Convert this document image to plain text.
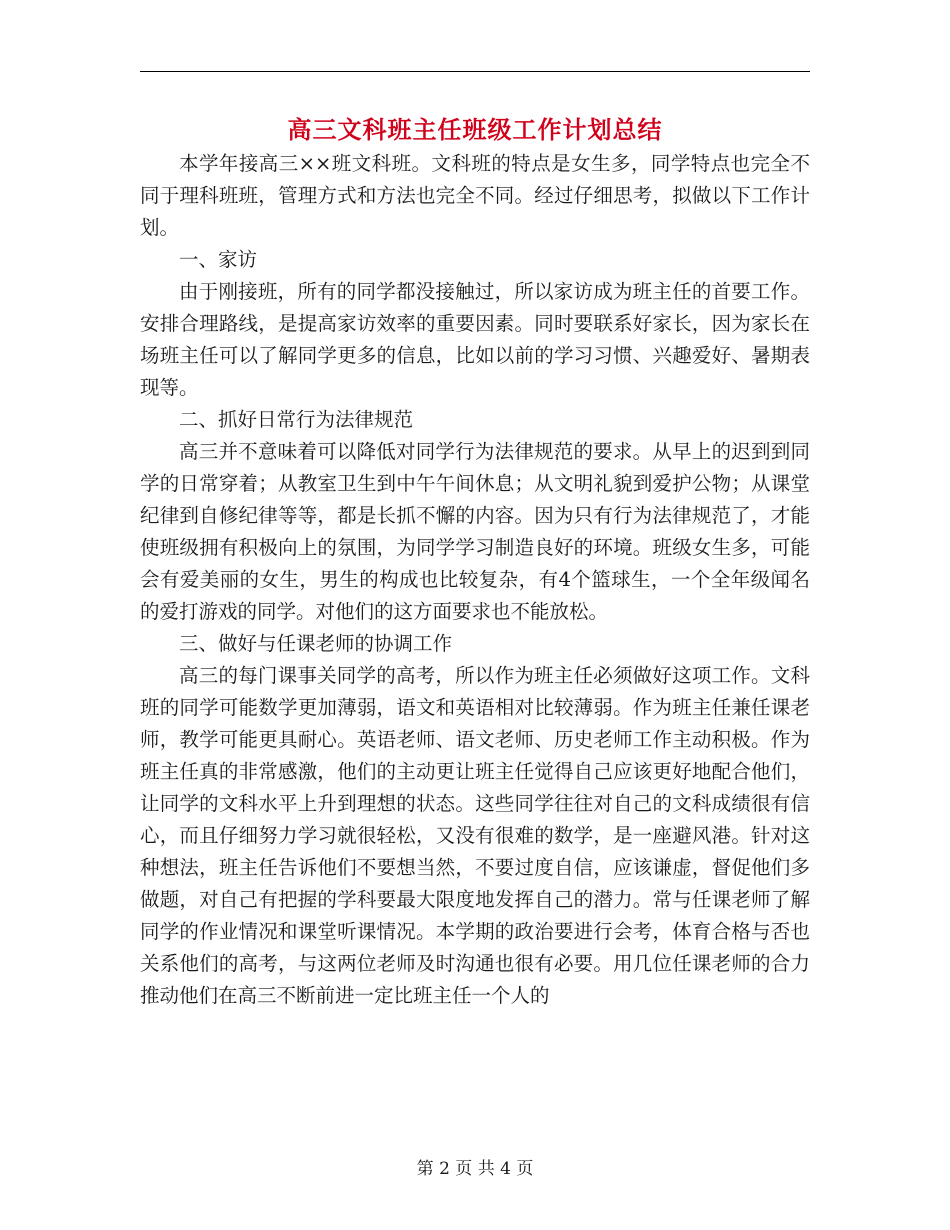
高三文科班主任班级工作计划总结

本学年接高三××班文科班。文科班的特点是女生多，同学特点也完全不同于理科班班，管理方式和方法也完全不同。经过仔细思考，拟做以下工作计划。

一、家访

由于刚接班，所有的同学都没接触过，所以家访成为班主任的首要工作。安排合理路线，是提高家访效率的重要因素。同时要联系好家长，因为家长在场班主任可以了解同学更多的信息，比如以前的学习习惯、兴趣爱好、暑期表现等。

二、抓好日常行为法律规范

高三并不意味着可以降低对同学行为法律规范的要求。从早上的迟到到同学的日常穿着；从教室卫生到中午午间休息；从文明礼貌到爱护公物；从课堂纪律到自修纪律等等，都是长抓不懈的内容。因为只有行为法律规范了，才能使班级拥有积极向上的氛围，为同学学习制造良好的环境。班级女生多，可能会有爱美丽的女生，男生的构成也比较复杂，有4个篮球生，一个全年级闻名的爱打游戏的同学。对他们的这方面要求也不能放松。

三、做好与任课老师的协调工作

高三的每门课事关同学的高考，所以作为班主任必须做好这项工作。文科班的同学可能数学更加薄弱，语文和英语相对比较薄弱。作为班主任兼任课老师，教学可能更具耐心。英语老师、语文老师、历史老师工作主动积极。作为班主任真的非常感激，他们的主动更让班主任觉得自己应该更好地配合他们，让同学的文科水平上升到理想的状态。这些同学往往对自己的文科成绩很有信心，而且仔细努力学习就很轻松，又没有很难的数学，是一座避风港。针对这种想法，班主任告诉他们不要想当然，不要过度自信，应该谦虚，督促他们多做题，对自己有把握的学科要最大限度地发挥自己的潜力。常与任课老师了解同学的作业情况和课堂听课情况。本学期的政治要进行会考，体育合格与否也关系他们的高考，与这两位老师及时沟通也很有必要。用几位任课老师的合力推动他们在高三不断前进一定比班主任一个人的

第 2 页 共 4 页
